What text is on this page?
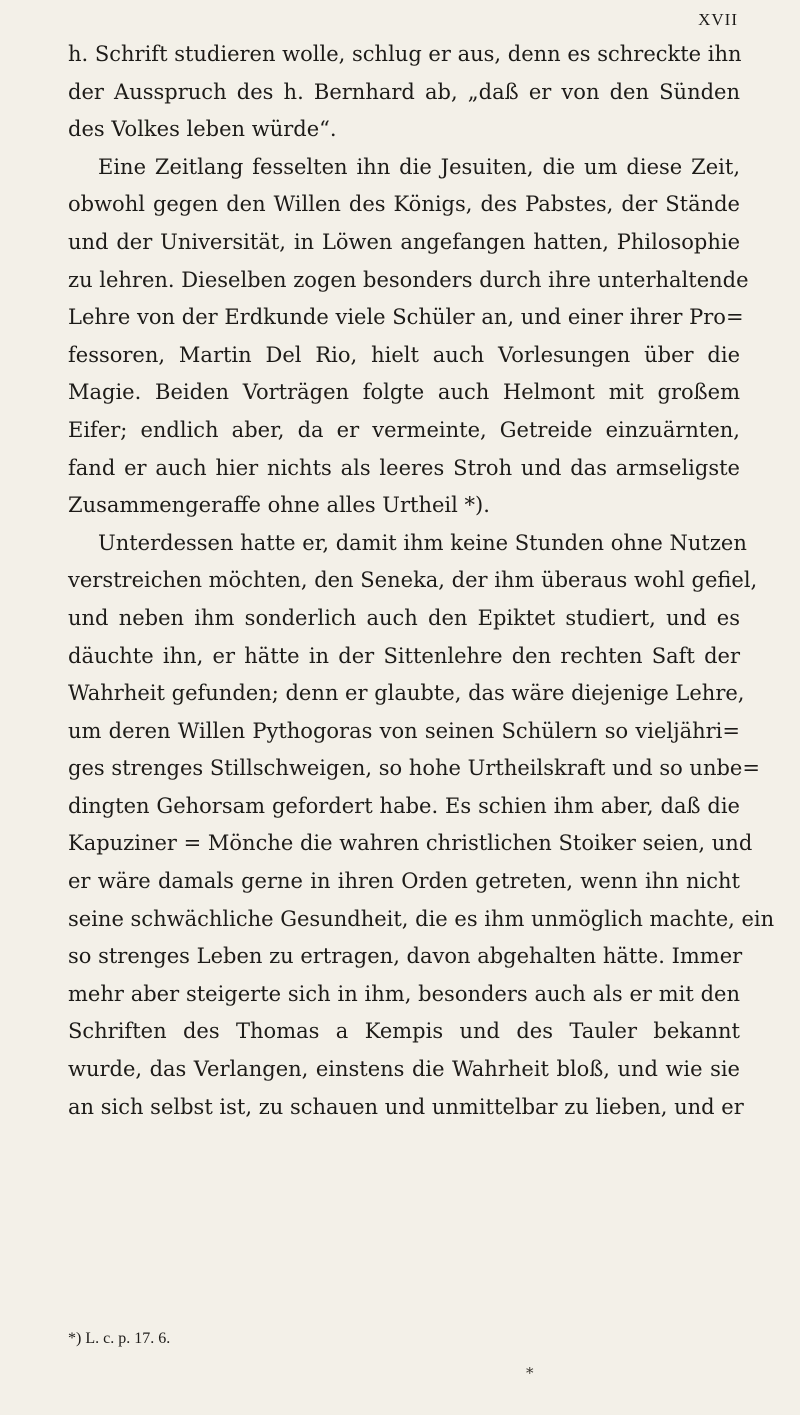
XVII
h. Schrift studieren wolle, schlug er aus, denn es schreckte ihn
der Ausspruch des h. Bernhard ab, „daß er von den Sünden
des Volkes leben würde“.
Eine Zeitlang fesselten ihn die Jesuiten, die um diese Zeit,
obwohl gegen den Willen des Königs, des Pabstes, der Stände
und der Universität, in Löwen angefangen hatten, Philosophie
zu lehren. Dieselben zogen besonders durch ihre unterhaltende
Lehre von der Erdkunde viele Schüler an, und einer ihrer Pro=
fessoren, Martin Del Rio, hielt auch Vorlesungen über die
Magie. Beiden Vorträgen folgte auch Helmont mit großem
Eifer; endlich aber, da er vermeinte, Getreide einzuärnten,
fand er auch hier nichts als leeres Stroh und das armseligste
Zusammengeraffe ohne alles Urtheil *).
Unterdessen hatte er, damit ihm keine Stunden ohne Nutzen
verstreichen möchten, den Seneka, der ihm überaus wohl gefiel,
und neben ihm sonderlich auch den Epiktet studiert, und es
däuchte ihn, er hätte in der Sittenlehre den rechten Saft der
Wahrheit gefunden; denn er glaubte, das wäre diejenige Lehre,
um deren Willen Pythogoras von seinen Schülern so vieljähri=
ges strenges Stillschweigen, so hohe Urtheilskraft und so unbe=
dingten Gehorsam gefordert habe. Es schien ihm aber, daß die
Kapuziner = Mönche die wahren christlichen Stoiker seien, und
er wäre damals gerne in ihren Orden getreten, wenn ihn nicht
seine schwächliche Gesundheit, die es ihm unmöglich machte, ein
so strenges Leben zu ertragen, davon abgehalten hätte. Immer
mehr aber steigerte sich in ihm, besonders auch als er mit den
Schriften des Thomas a Kempis und des Tauler bekannt
wurde, das Verlangen, einstens die Wahrheit bloß, und wie sie
an sich selbst ist, zu schauen und unmittelbar zu lieben, und er
*) L. c. p. 17. 6.
*
